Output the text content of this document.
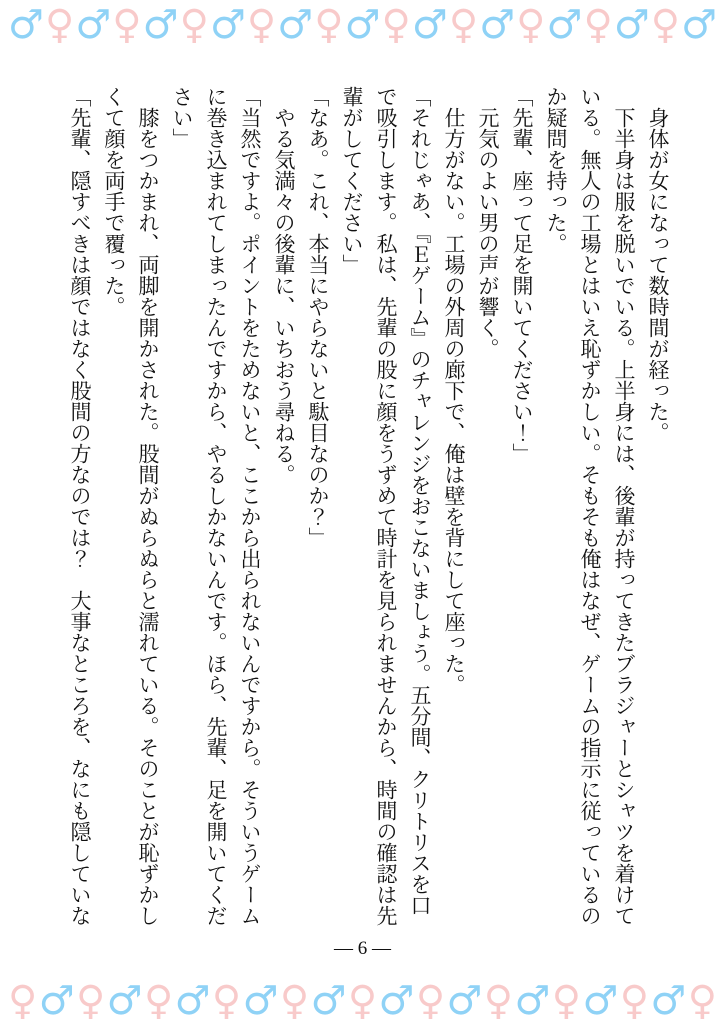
♂ ♀ ♂ ♀ ♂ ♀ ♂ ♀ ♂ ♀ ♂ ♀ ♂ ♀ ♂ ♀ ♂ ♀ ♂ ♀ ♂

　身体が女になって数時間が経った。

　下半身は服を脱いでいる。上半身には、後輩が持ってきたブラジャーとシャツを着けている。無人の工場とはいえ恥ずかしい。そもそも俺はなぜ、ゲームの指示に従っているのか疑問を持った。

「先輩、座って足を開いてください！」

　元気のよい男の声が響く。

　仕方がない。工場の外周の廊下で、俺は壁を背にして座った。

「それじゃあ、『Ｅゲーム』のチャレンジをおこないましょう。五分間、クリトリスを口で吸引します。私は、先輩の股に顔をうずめて時計を見られませんから、時間の確認は先輩がしてください」

「なあ。これ、本当にやらないと駄目なのか？」

　やる気満々の後輩に、いちおう尋ねる。

「当然ですよ。ポイントをためないと、ここから出られないんですから。そういうゲームに巻き込まれてしまったんですから、やるしかないんです。ほら、先輩、足を開いてください」

　膝をつかまれ、両脚を開かされた。股間がぬらぬらと濡れている。そのことが恥ずかしくて顔を両手で覆った。

「先輩、隠すべきは顔ではなく股間の方なのでは？　大事なところを、なにも隠していな

— 6 —
♀ ♂ ♀ ♂ ♀ ♂ ♀ ♂ ♀ ♂ ♀ ♂ ♀ ♂ ♀ ♂ ♀ ♂ ♀ ♂ ♀
